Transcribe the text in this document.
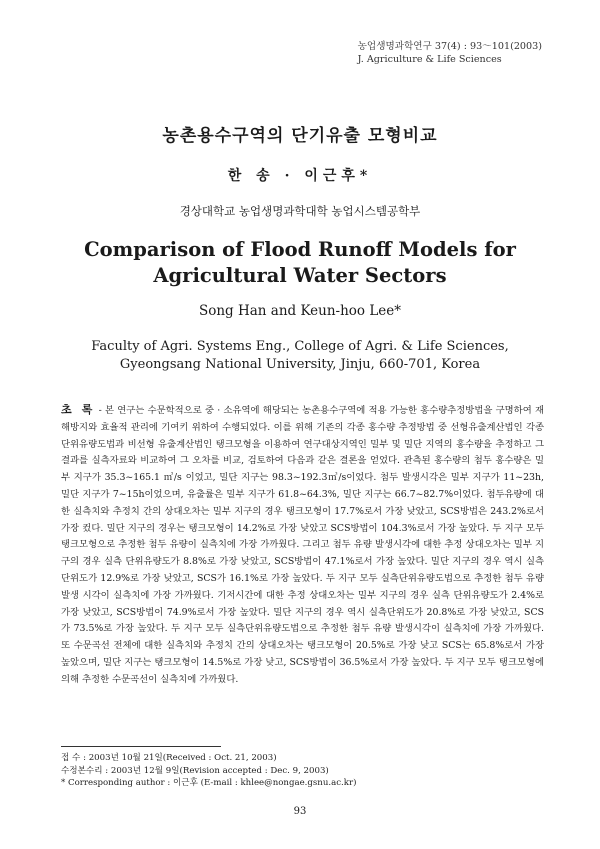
농업생명과학연구 37(4) : 93～101(2003)
J. Agriculture & Life Sciences
농촌용수구역의 단기유출 모형비교
한 송 · 이근후*
경상대학교 농업생명과학대학 농업시스템공학부
Comparison of Flood Runoff Models for
Agricultural Water Sectors
Song Han and Keun-hoo Lee*
Faculty of Agri. Systems Eng., College of Agri. & Life Sciences,
Gyeongsang National University, Jinju, 660-701, Korea
초 록 - 본 연구는 수문학적으로 중 · 소유역에 해당되는 농촌용수구역에 적용 가능한 홍수량추정방법을 구명하여 재해방지와 효율적 관리에 기여키 위하여 수행되었다. 이를 위해 기존의 각종 홍수량 추정방법 중 선형유출계산법인 각종 단위유량도법과 비선형 유출계산법인 탱크모형을 이용하여 연구대상지역인 밀부 및 밀단 지역의 홍수량을 추정하고 그 결과를 실측자료와 비교하여 그 오차를 비교, 검토하여 다음과 같은 결론을 얻었다. 관측된 홍수량의 첨두 홍수량은 밀부 지구가 35.3~165.1 ㎥/s 이었고, 밀단 지구는 98.3~192.3㎥/s이었다. 첨두 발생시각은 밀부 지구가 11~23h, 밀단 지구가 7~15h이었으며, 유출률은 밀부 지구가 61.8~64.3%, 밀단 지구는 66.7~82.7%이었다. 첨두유량에 대한 실측치와 추정치 간의 상대오차는 밀부 지구의 경우 탱크모형이 17.7%로서 가장 낮았고, SCS방법은 243.2%로서 가장 컸다. 밀단 지구의 경우는 탱크모형이 14.2%로 가장 낮았고 SCS방법이 104.3%로서 가장 높았다. 두 지구 모두 탱크모형으로 추정한 첨두 유량이 실측치에 가장 가까웠다. 그리고 첨두 유량 발생시각에 대한 추정 상대오차는 밀부 지구의 경우 실측 단위유량도가 8.8%로 가장 낮았고, SCS방법이 47.1%로서 가장 높았다. 밀단 지구의 경우 역시 실측단위도가 12.9%로 가장 낮았고, SCS가 16.1%로 가장 높았다. 두 지구 모두 실측단위유량도법으로 추정한 첨두 유량발생 시각이 실측치에 가장 가까웠다. 기저시간에 대한 추정 상대오차는 밀부 지구의 경우 실측 단위유량도가 2.4%로 가장 낮았고, SCS방법이 74.9%로서 가장 높았다. 밀단 지구의 경우 역시 실측단위도가 20.8%로 가장 낮았고, SCS가 73.5%로 가장 높았다. 두 지구 모두 실측단위유량도법으로 추정한 첨두 유량 발생시각이 실측치에 가장 가까웠다. 또 수문곡선 전체에 대한 실측치와 추정치 간의 상대오차는 탱크모형이 20.5%로 가장 낮고 SCS는 65.8%로서 가장 높았으며, 밀단 지구는 탱크모형이 14.5%로 가장 낮고, SCS방법이 36.5%로서 가장 높았다. 두 지구 모두 탱크모형에 의해 추정한 수문곡선이 실측치에 가까웠다.
접 수 : 2003년 10월 21일(Received : Oct. 21, 2003)
수정본수리 : 2003년 12월 9일(Revision accepted : Dec. 9, 2003)
* Corresponding author : 이근후 (E-mail : khlee@nongae.gsnu.ac.kr)
93
